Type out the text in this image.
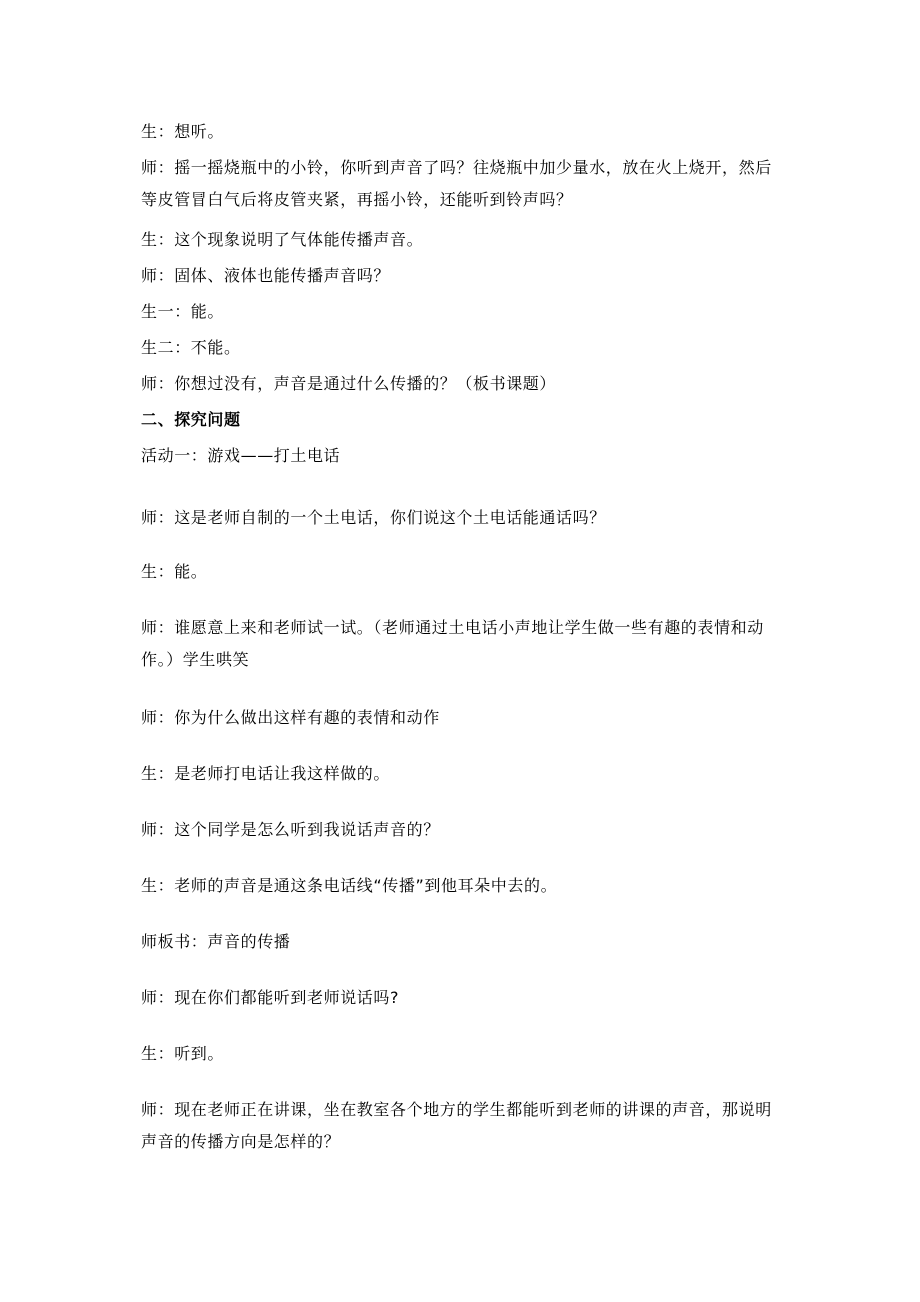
生：想听。

师：摇一摇烧瓶中的小铃，你听到声音了吗？往烧瓶中加少量水，放在火上烧开，然后等皮管冒白气后将皮管夹紧，再摇小铃，还能听到铃声吗？

生：这个现象说明了气体能传播声音。

师：固体、液体也能传播声音吗？

生一：能。

生二：不能。

师：你想过没有，声音是通过什么传播的？（板书课题）

二、探究问题

活动一：游戏——打土电话

师：这是老师自制的一个土电话，你们说这个土电话能通话吗？

生：能。

师：谁愿意上来和老师试一试。（老师通过土电话小声地让学生做一些有趣的表情和动作。）学生哄笑

师：你为什么做出这样有趣的表情和动作

生：是老师打电话让我这样做的。

师：这个同学是怎么听到我说话声音的？

生：老师的声音是通这条电话线“传播”到他耳朵中去的。

师板书：声音的传播

师：现在你们都能听到老师说话吗?

生：听到。

师：现在老师正在讲课，坐在教室各个地方的学生都能听到老师的讲课的声音，那说明声音的传播方向是怎样的？
